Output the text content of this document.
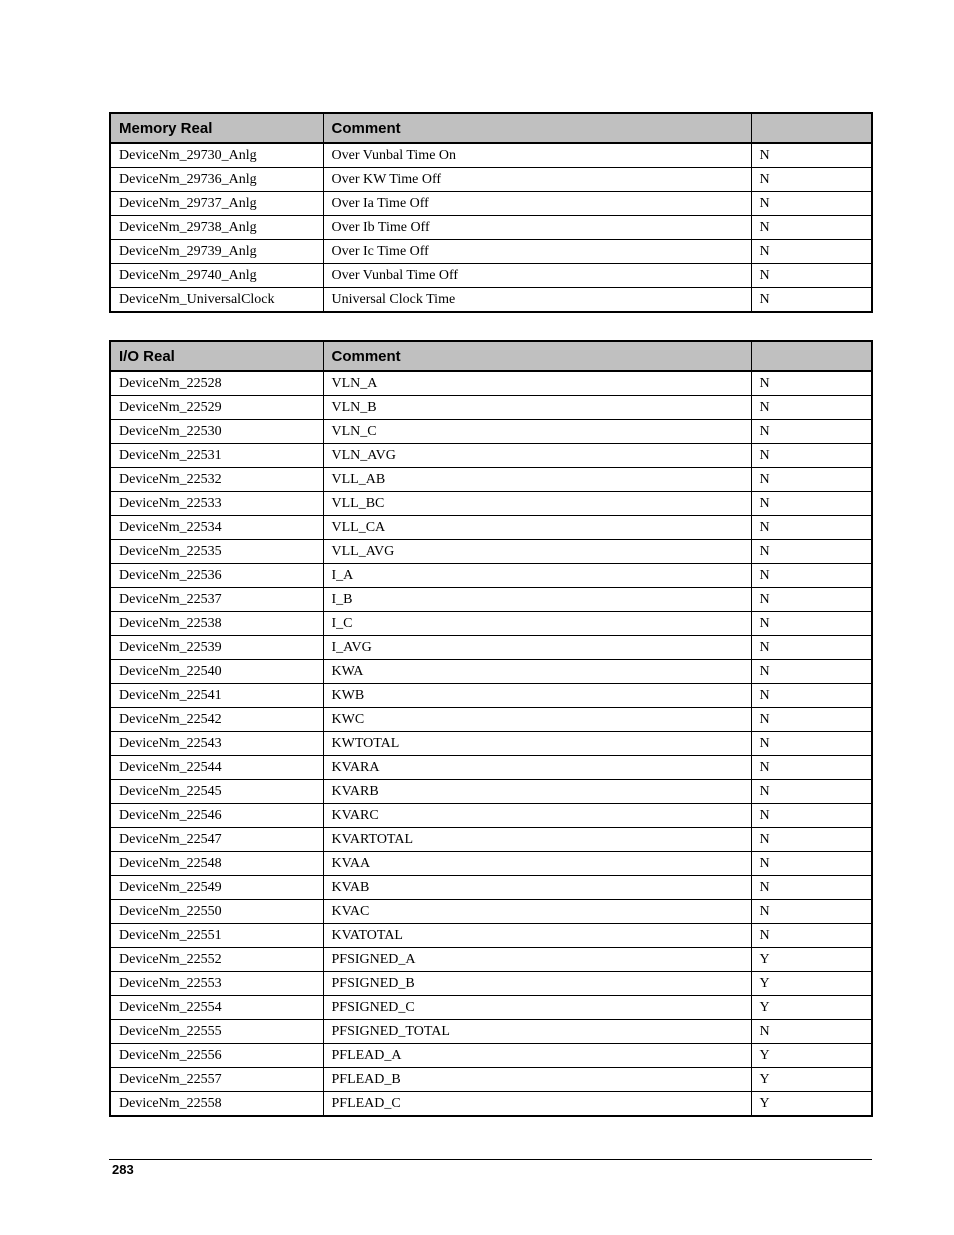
Memory Real	Comment	
DeviceNm_29730_Anlg	Over Vunbal Time On	N
DeviceNm_29736_Anlg	Over KW Time Off	N
DeviceNm_29737_Anlg	Over Ia Time Off	N
DeviceNm_29738_Anlg	Over Ib Time Off	N
DeviceNm_29739_Anlg	Over Ic Time Off	N
DeviceNm_29740_Anlg	Over Vunbal Time Off	N
DeviceNm_UniversalClock	Universal Clock Time	N
I/O Real	Comment	
DeviceNm_22528	VLN_A	N
DeviceNm_22529	VLN_B	N
DeviceNm_22530	VLN_C	N
DeviceNm_22531	VLN_AVG	N
DeviceNm_22532	VLL_AB	N
DeviceNm_22533	VLL_BC	N
DeviceNm_22534	VLL_CA	N
DeviceNm_22535	VLL_AVG	N
DeviceNm_22536	I_A	N
DeviceNm_22537	I_B	N
DeviceNm_22538	I_C	N
DeviceNm_22539	I_AVG	N
DeviceNm_22540	KWA	N
DeviceNm_22541	KWB	N
DeviceNm_22542	KWC	N
DeviceNm_22543	KWTOTAL	N
DeviceNm_22544	KVARA	N
DeviceNm_22545	KVARB	N
DeviceNm_22546	KVARC	N
DeviceNm_22547	KVARTOTAL	N
DeviceNm_22548	KVAA	N
DeviceNm_22549	KVAB	N
DeviceNm_22550	KVAC	N
DeviceNm_22551	KVATOTAL	N
DeviceNm_22552	PFSIGNED_A	Y
DeviceNm_22553	PFSIGNED_B	Y
DeviceNm_22554	PFSIGNED_C	Y
DeviceNm_22555	PFSIGNED_TOTAL	N
DeviceNm_22556	PFLEAD_A	Y
DeviceNm_22557	PFLEAD_B	Y
DeviceNm_22558	PFLEAD_C	Y
283
